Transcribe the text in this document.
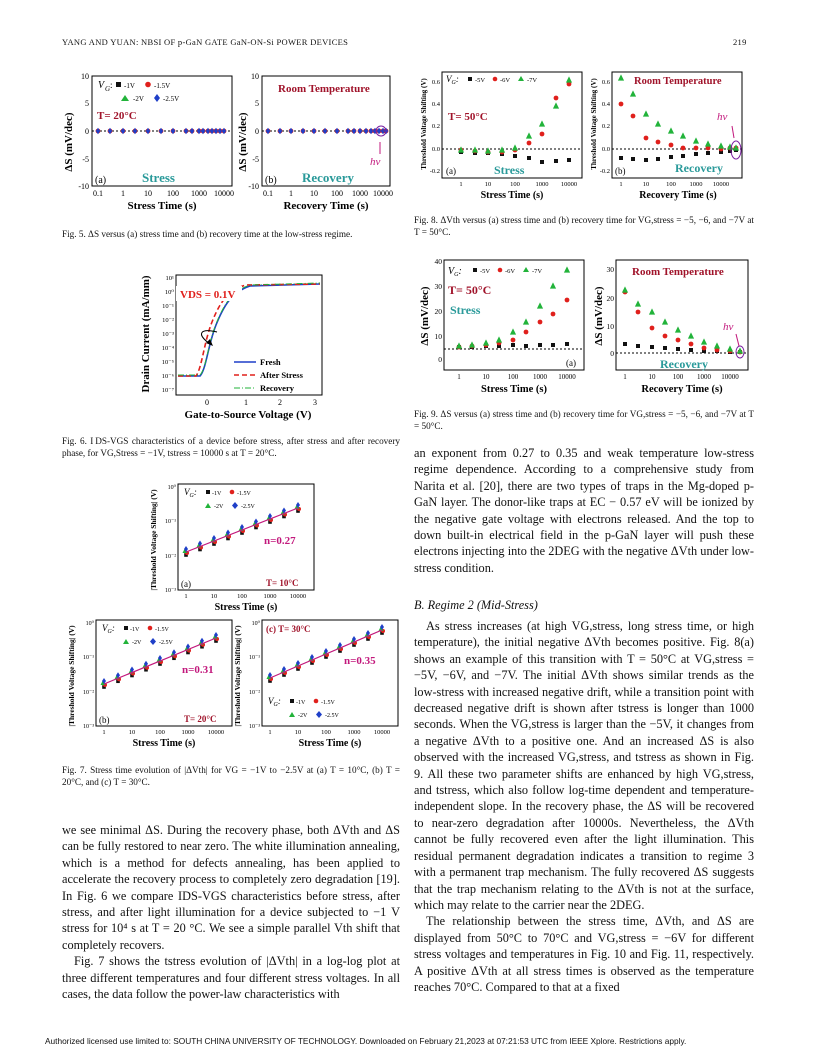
YANG AND YUAN: NBSI OF p-GaN GATE GaN-ON-Si POWER DEVICES	219
ΔS (mV/dec)
10
5
0
-5
-10
0.1 1 10 100 1000 10000
Stress Time (s)
V G : -1V	-1.5V
-2V	-2.5V
T= 20°C
(a)	Stress
ΔS (mV/dec)
10
5
0
-5
-10
0.1 1 10 100 1000 10000
Recovery Time (s)
Room Temperature
(b) Recovery
hν
Fig. 5. ΔS versus (a) stress time and (b) recovery time at the low-stress regime.
Drain Current (mA/mm) 10¹
10⁰
10⁻¹
10⁻²
10⁻³
10⁻⁴
10⁻⁵
10⁻⁶
10⁻⁷
VDS = 0.1V
Fresh
After Stress
Recovery
0	1	2	3
Gate-to-Source Voltage (V)
Fig. 6. I DS-VGS characteristics of a device before stress, after stress and after recovery phase, for VG,Stress = −1V, tstress = 10000 s at T = 20°C.
|Threshold Voltage Shifting| (V)
10⁰
10⁻¹
10⁻²
10⁻³
$V_G$:	-1V	-1.5V
-2V	-2.5V
n=0.27
(a)	T= 10°C
1	10	100	1000 10000
Stress Time (s)
|Threshold Voltage Shifting| (V)
10⁰
10⁻¹
10⁻²
10⁻³
$V_G$:	-1V	-1.5V
-2V	-2.5V
n=0.31
(b)	T= 20°C
1	10	100	1000 10000
Stress Time (s)
|Threshold Voltage Shifting| (V)
10⁰
10⁻¹
10⁻²
10⁻³
(c) T= 30°C
n=0.35
$V_G$:	-1V	-1.5V
-2V	-2.5V
1	10	100	1000 10000
Stress Time (s)
Fig. 7. Stress time evolution of |ΔVth| for VG = −1V to −2.5V at (a) T = 10°C, (b) T = 20°C, and (c) T = 30°C.
Threshold Voltage Shifting (V) 0.6
0.4
0.2
0.0
-0.2
$V_G$: -5V -6V	-7V
T= 50°C
(a)	Stress
1	10	100 1000 10000
Stress Time (s)
Threshold Voltage Shifting (V) 0.6
0.4
0.2
0.0
-0.2
Room Temperature
hν
(b)	Recovery
1	10	100 1000 10000
Recovery Time (s)
Fig. 8. ΔVth versus (a) stress time and (b) recovery time for VG,stress = −5, −6, and −7V at T = 50°C.
ΔS (mV/dec)
40
30
20
10
0
$V_G$:	-5V -6V	-7V
T= 50°C
Stress
(a)
1	10	100 1000 10000
Stress Time (s)
ΔS (mV/dec)
30
20
10
0
Room Temperature
hν
Recovery
1	10 100 1000 10000
Recovery Time (s)
Fig. 9. ΔS versus (a) stress time and (b) recovery time for VG,stress = −5, −6, and −7V at T = 50°C.

an exponent from 0.27 to 0.35 and weak temperature low-stress regime dependence. According to a comprehensive study from Narita et al. [20], there are two types of traps in the Mg-doped p-GaN layer. The donor-like traps at EC − 0.57 eV will be ionized by the negative gate voltage with electrons released. And the top to down built-in electrical field in the p-GaN layer will push these electrons injecting into the 2DEG with the negative ΔVth under low-stress condition.

B. Regime 2 (Mid-Stress)

As stress increases (at high VG,stress, long stress time, or high temperature), the initial negative ΔVth becomes positive. Fig. 8(a) shows an example of this transition with T = 50°C at VG,stress = −5V, −6V, and −7V. The initial ΔVth shows similar trends as the low-stress with increased negative drift, while a transition point with decreased negative drift is shown after tstress is longer than 1000 seconds. When the VG,stress is larger than the −5V, it changes from a negative ΔVth to a positive one. And an increased ΔS is also observed with the increased VG,stress, and tstress as shown in Fig. 9. All these two parameter shifts are enhanced by high VG,stress, and tstress, which also follow log-time dependent and temperature-independent slope. In the recovery phase, the ΔS will be recovered to near-zero degradation after 10000s. Nevertheless, the ΔVth cannot be fully recovered even after the light illumination. This residual permanent degradation indicates a transition to regime 3 with a permanent trap mechanism. The fully recovered ΔS suggests that the trap mechanism relating to the ΔVth is not at the surface, which may relate to the carrier near the 2DEG.

The relationship between the stress time, ΔVth, and ΔS are displayed from 50°C to 70°C and VG,stress = −6V for different stress voltages and temperatures in Fig. 10 and Fig. 11, respectively. A positive ΔVth at all stress times is observed as the temperature reaches 70°C. Compared to that at a fixed

we see minimal ΔS. During the recovery phase, both ΔVth and ΔS can be fully restored to near zero. The white illumination annealing, which is a method for defects annealing, has been applied to accelerate the recovery process to completely zero degradation [19]. In Fig. 6 we compare IDS-VGS characteristics before stress, after stress, and after light illumination for a device subjected to −1 V stress for 10⁴ s at T = 20 °C. We see a simple parallel Vth shift that completely recovers.

Fig. 7 shows the tstress evolution of |ΔVth| in a log-log plot at three different temperatures and four different stress voltages. In all cases, the data follow the power-law characteristics with

Authorized licensed use limited to: SOUTH CHINA UNIVERSITY OF TECHNOLOGY. Downloaded on February 21,2023 at 07:21:53 UTC from IEEE Xplore. Restrictions apply.
